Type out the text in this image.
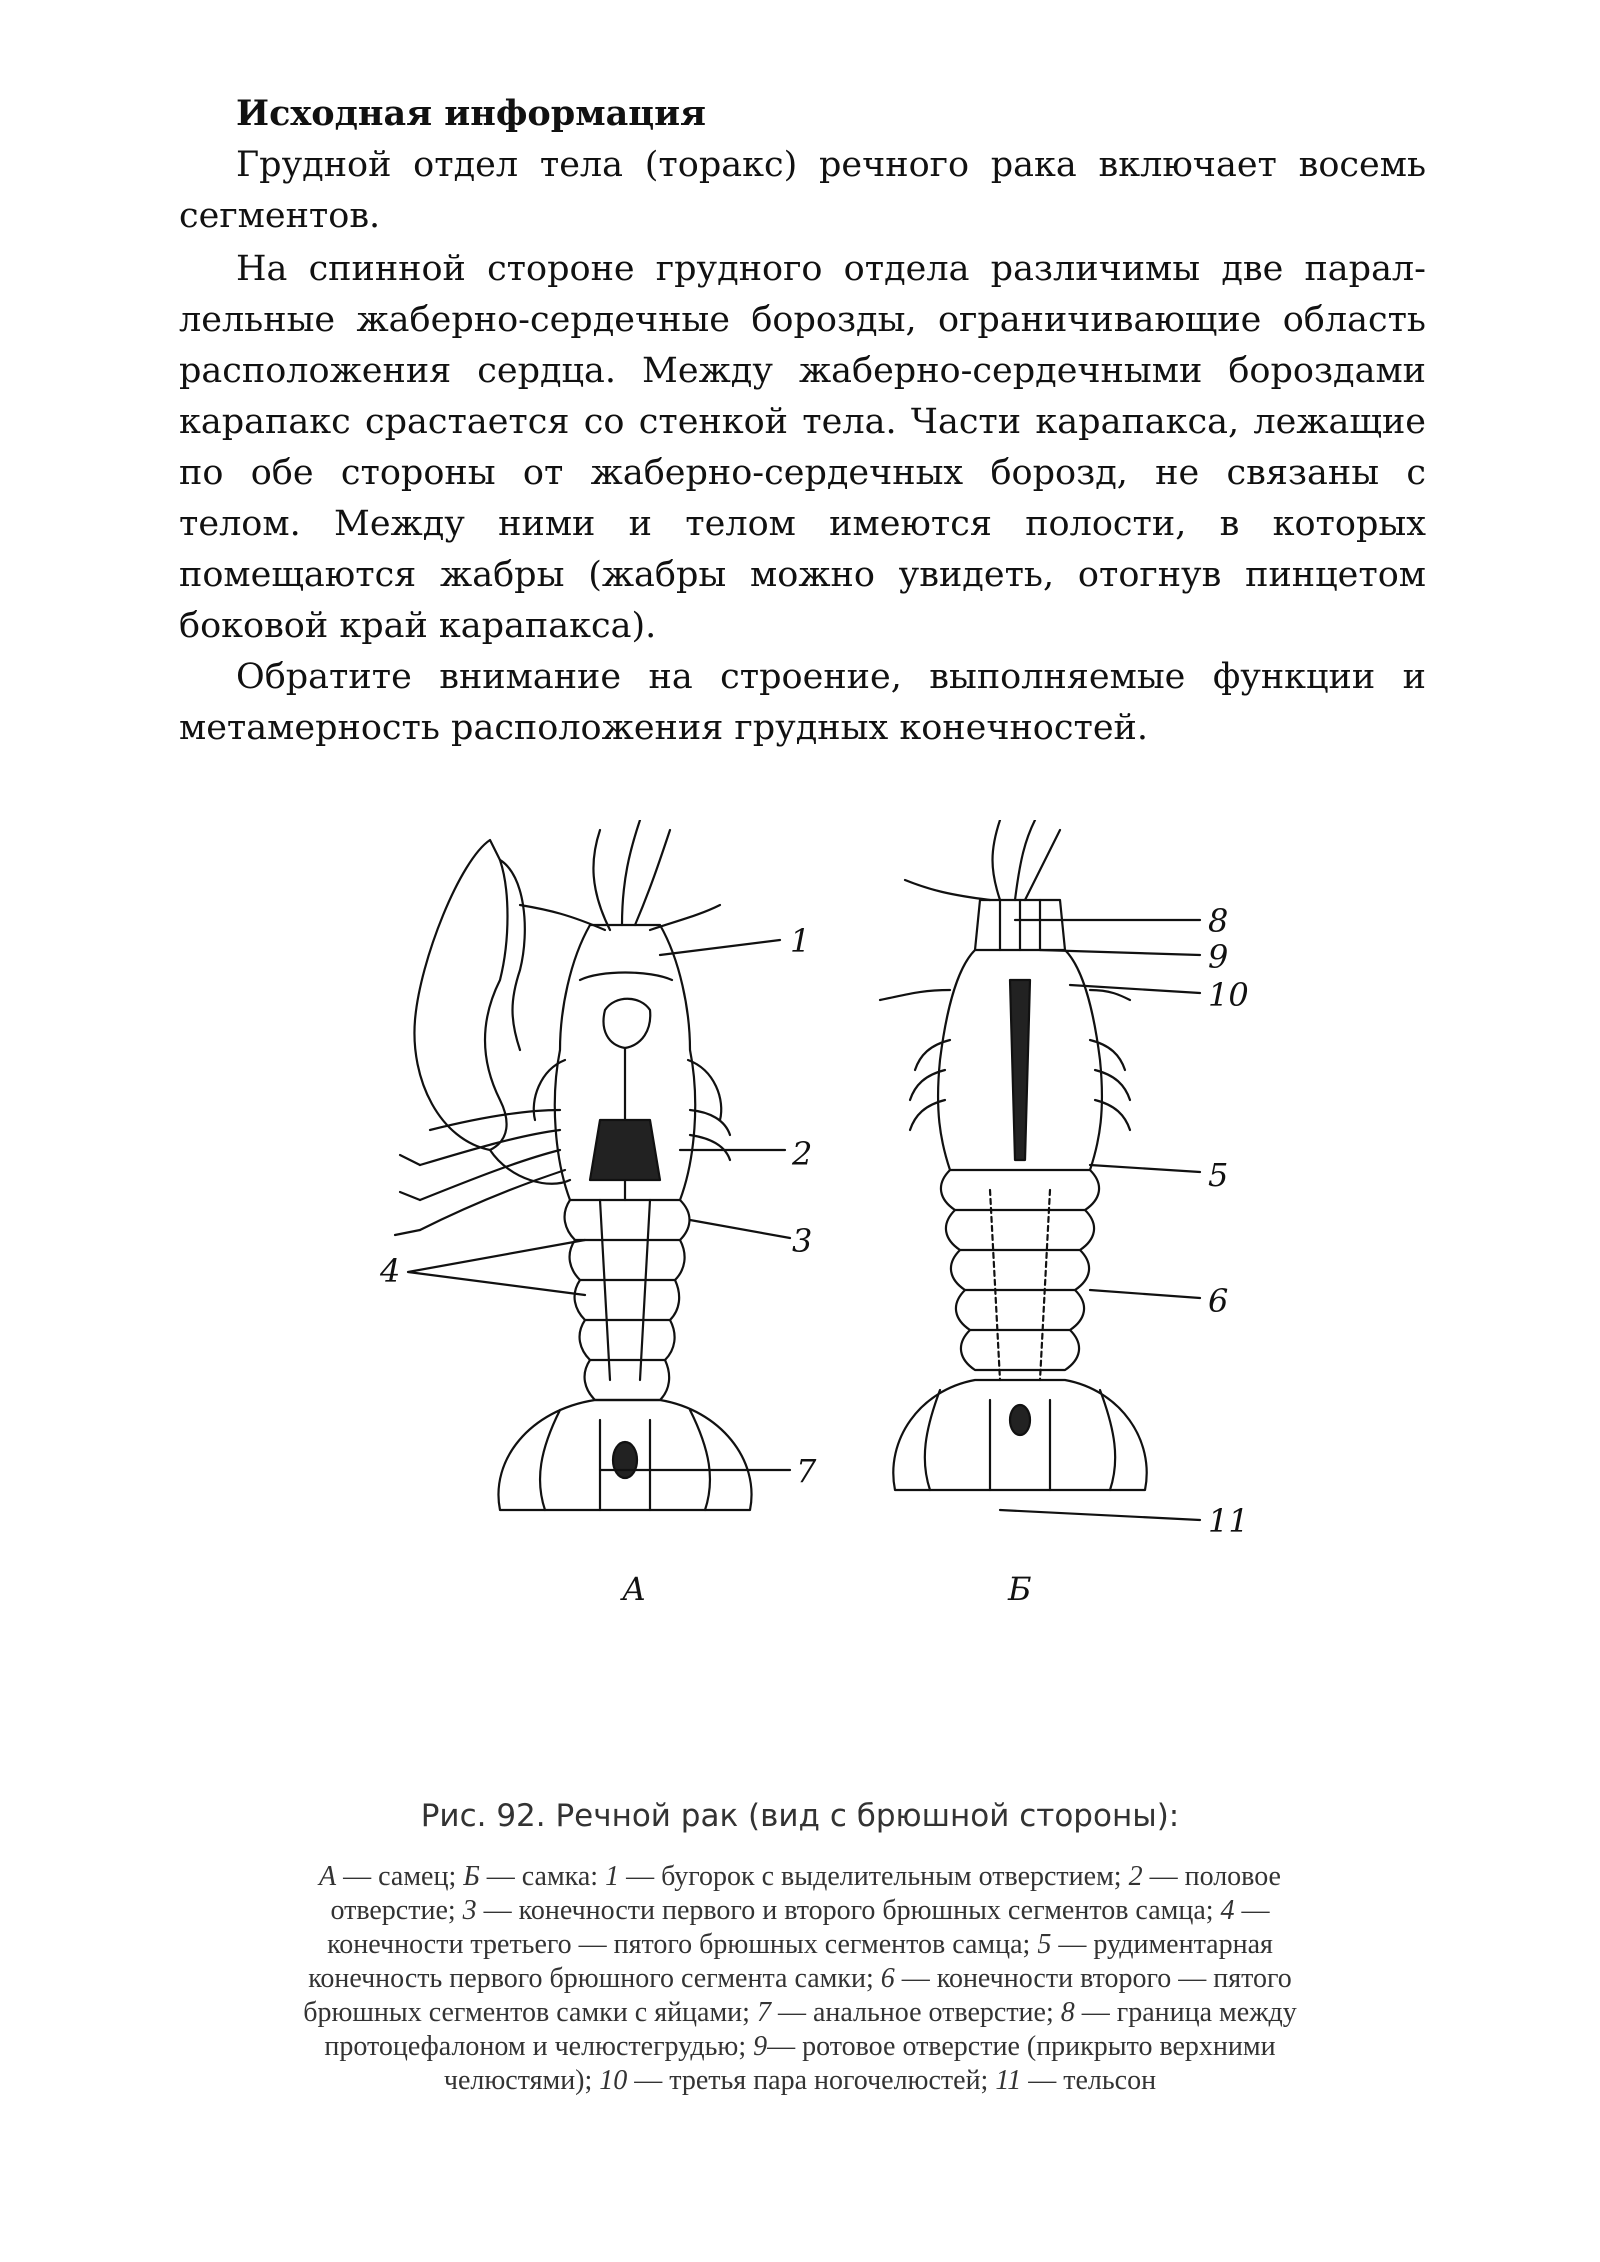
Исходная информация

Грудной отдел тела (торакс) речного рака включает восемь сегментов.

На спинной стороне грудного отдела различимы две параллельные жаберно-сердечные борозды, ограничивающие область расположения сердца. Между жаберно-сердечными бороздами карапакс срастается со стенкой тела. Части карапакса, лежащие по обе стороны от жаберно-сердечных борозд, не связаны с телом. Между ними и телом имеются полости, в которых помещаются жабры (жабры можно увидеть, отогнув пинцетом боковой край карапакса).

Обратите внимание на строение, выполняемые функции и метамерность расположения грудных конечностей.

1
2
3
4
5
6
7
8
9
10
11
А	Б
Рис. 92. Речной рак (вид с брюшной стороны):
А — самец; Б — самка: 1 — бугорок с выделительным отверстием; 2 — половое отверстие; 3 — конечности первого и второго брюшных сегментов самца; 4 — конечности третьего — пятого брюшных сегментов самца; 5 — рудиментарная конечность первого брюшного сегмента самки; 6 — конечности второго — пятого брюшных сегментов самки с яйцами; 7 — анальное отверстие; 8 — граница между протоцефалоном и челюстегрудью; 9— ротовое отверстие (прикрыто верхними челюстями); 10 — третья пара ногочелюстей; 11 — тельсон
